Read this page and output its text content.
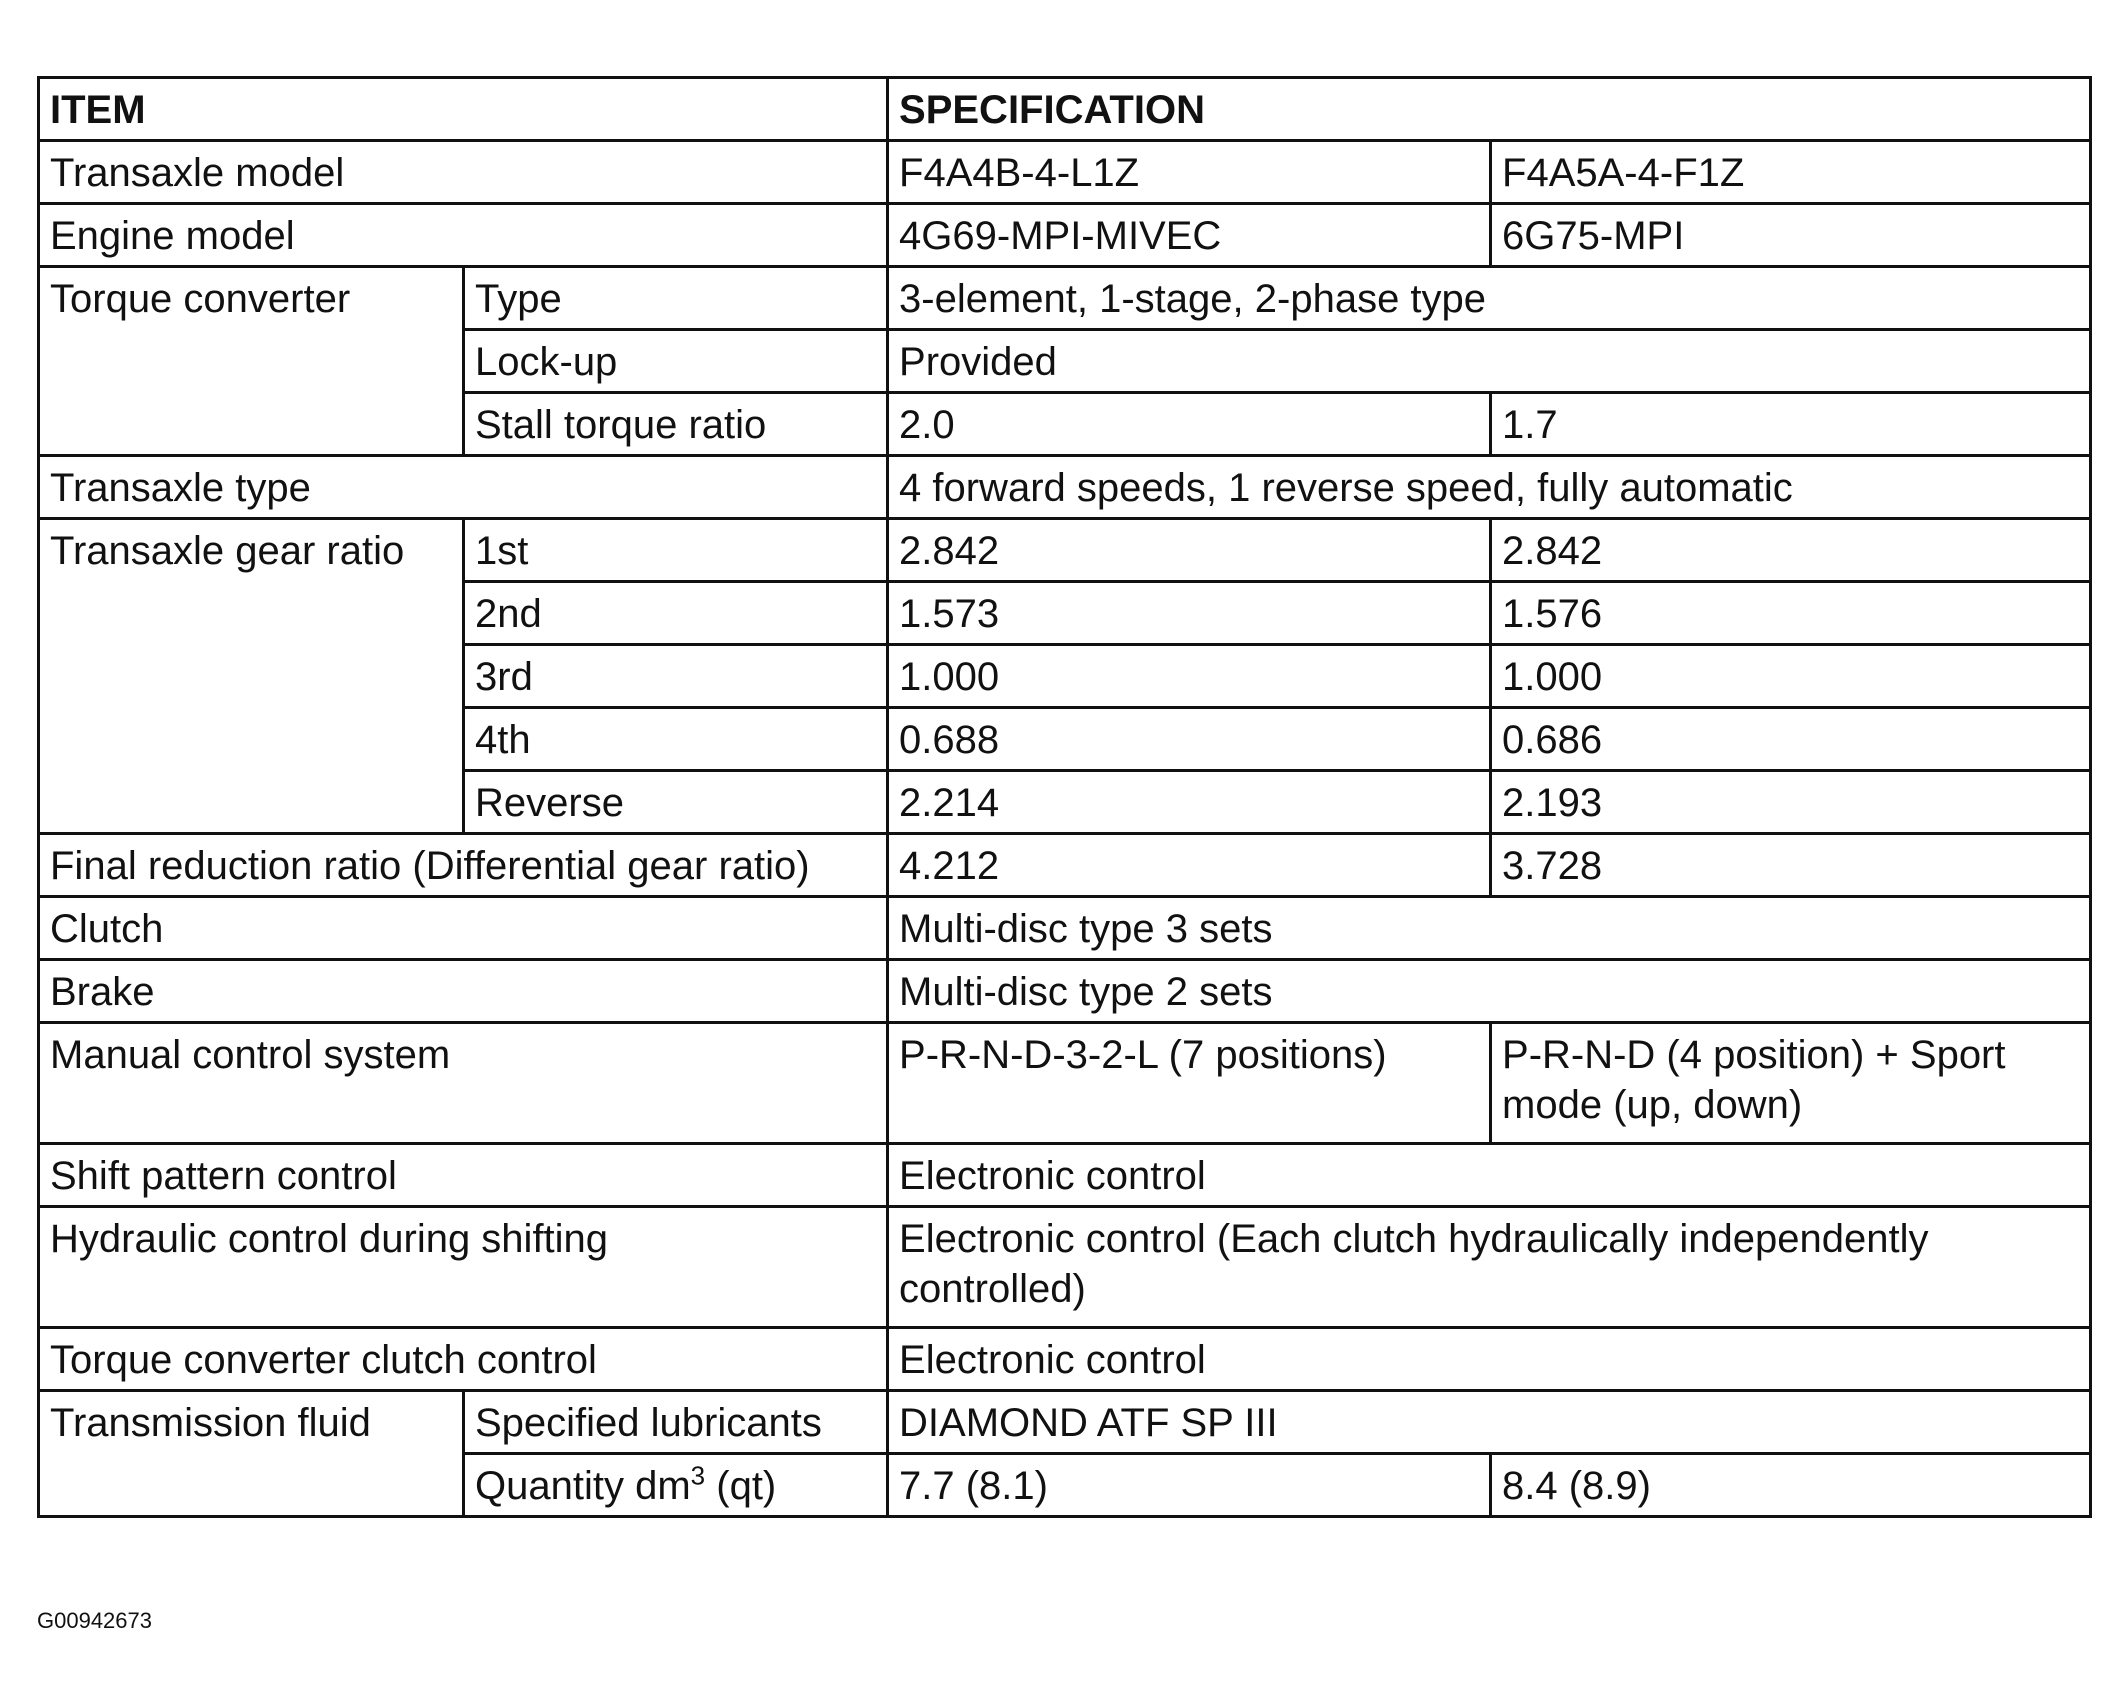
ITEM		SPECIFICATION	
Transaxle model		F4A4B-4-L1Z	F4A5A-4-F1Z
Engine model		4G69-MPI-MIVEC	6G75-MPI
Torque converter	Type	3-element, 1-stage, 2-phase type	
	Lock-up	Provided	
	Stall torque ratio	2.0	1.7
Transaxle type		4 forward speeds, 1 reverse speed, fully automatic	
Transaxle gear ratio	1st	2.842	2.842
	2nd	1.573	1.576
	3rd	1.000	1.000
	4th	0.688	0.686
	Reverse	2.214	2.193
Final reduction ratio (Differential gear ratio)		4.212	3.728
Clutch		Multi-disc type 3 sets	
Brake		Multi-disc type 2 sets	
Manual control system		P-R-N-D-3-2-L (7 positions)	P-R-N-D (4 position) + Sport mode (up, down)
Shift pattern control		Electronic control	
Hydraulic control during shifting		Electronic control (Each clutch hydraulically independently controlled)	
Torque converter clutch control		Electronic control	
Transmission fluid	Specified lubricants	DIAMOND ATF SP III	
	Quantity $dm^3$ (qt)	7.7 (8.1)	8.4 (8.9)
G00942673
